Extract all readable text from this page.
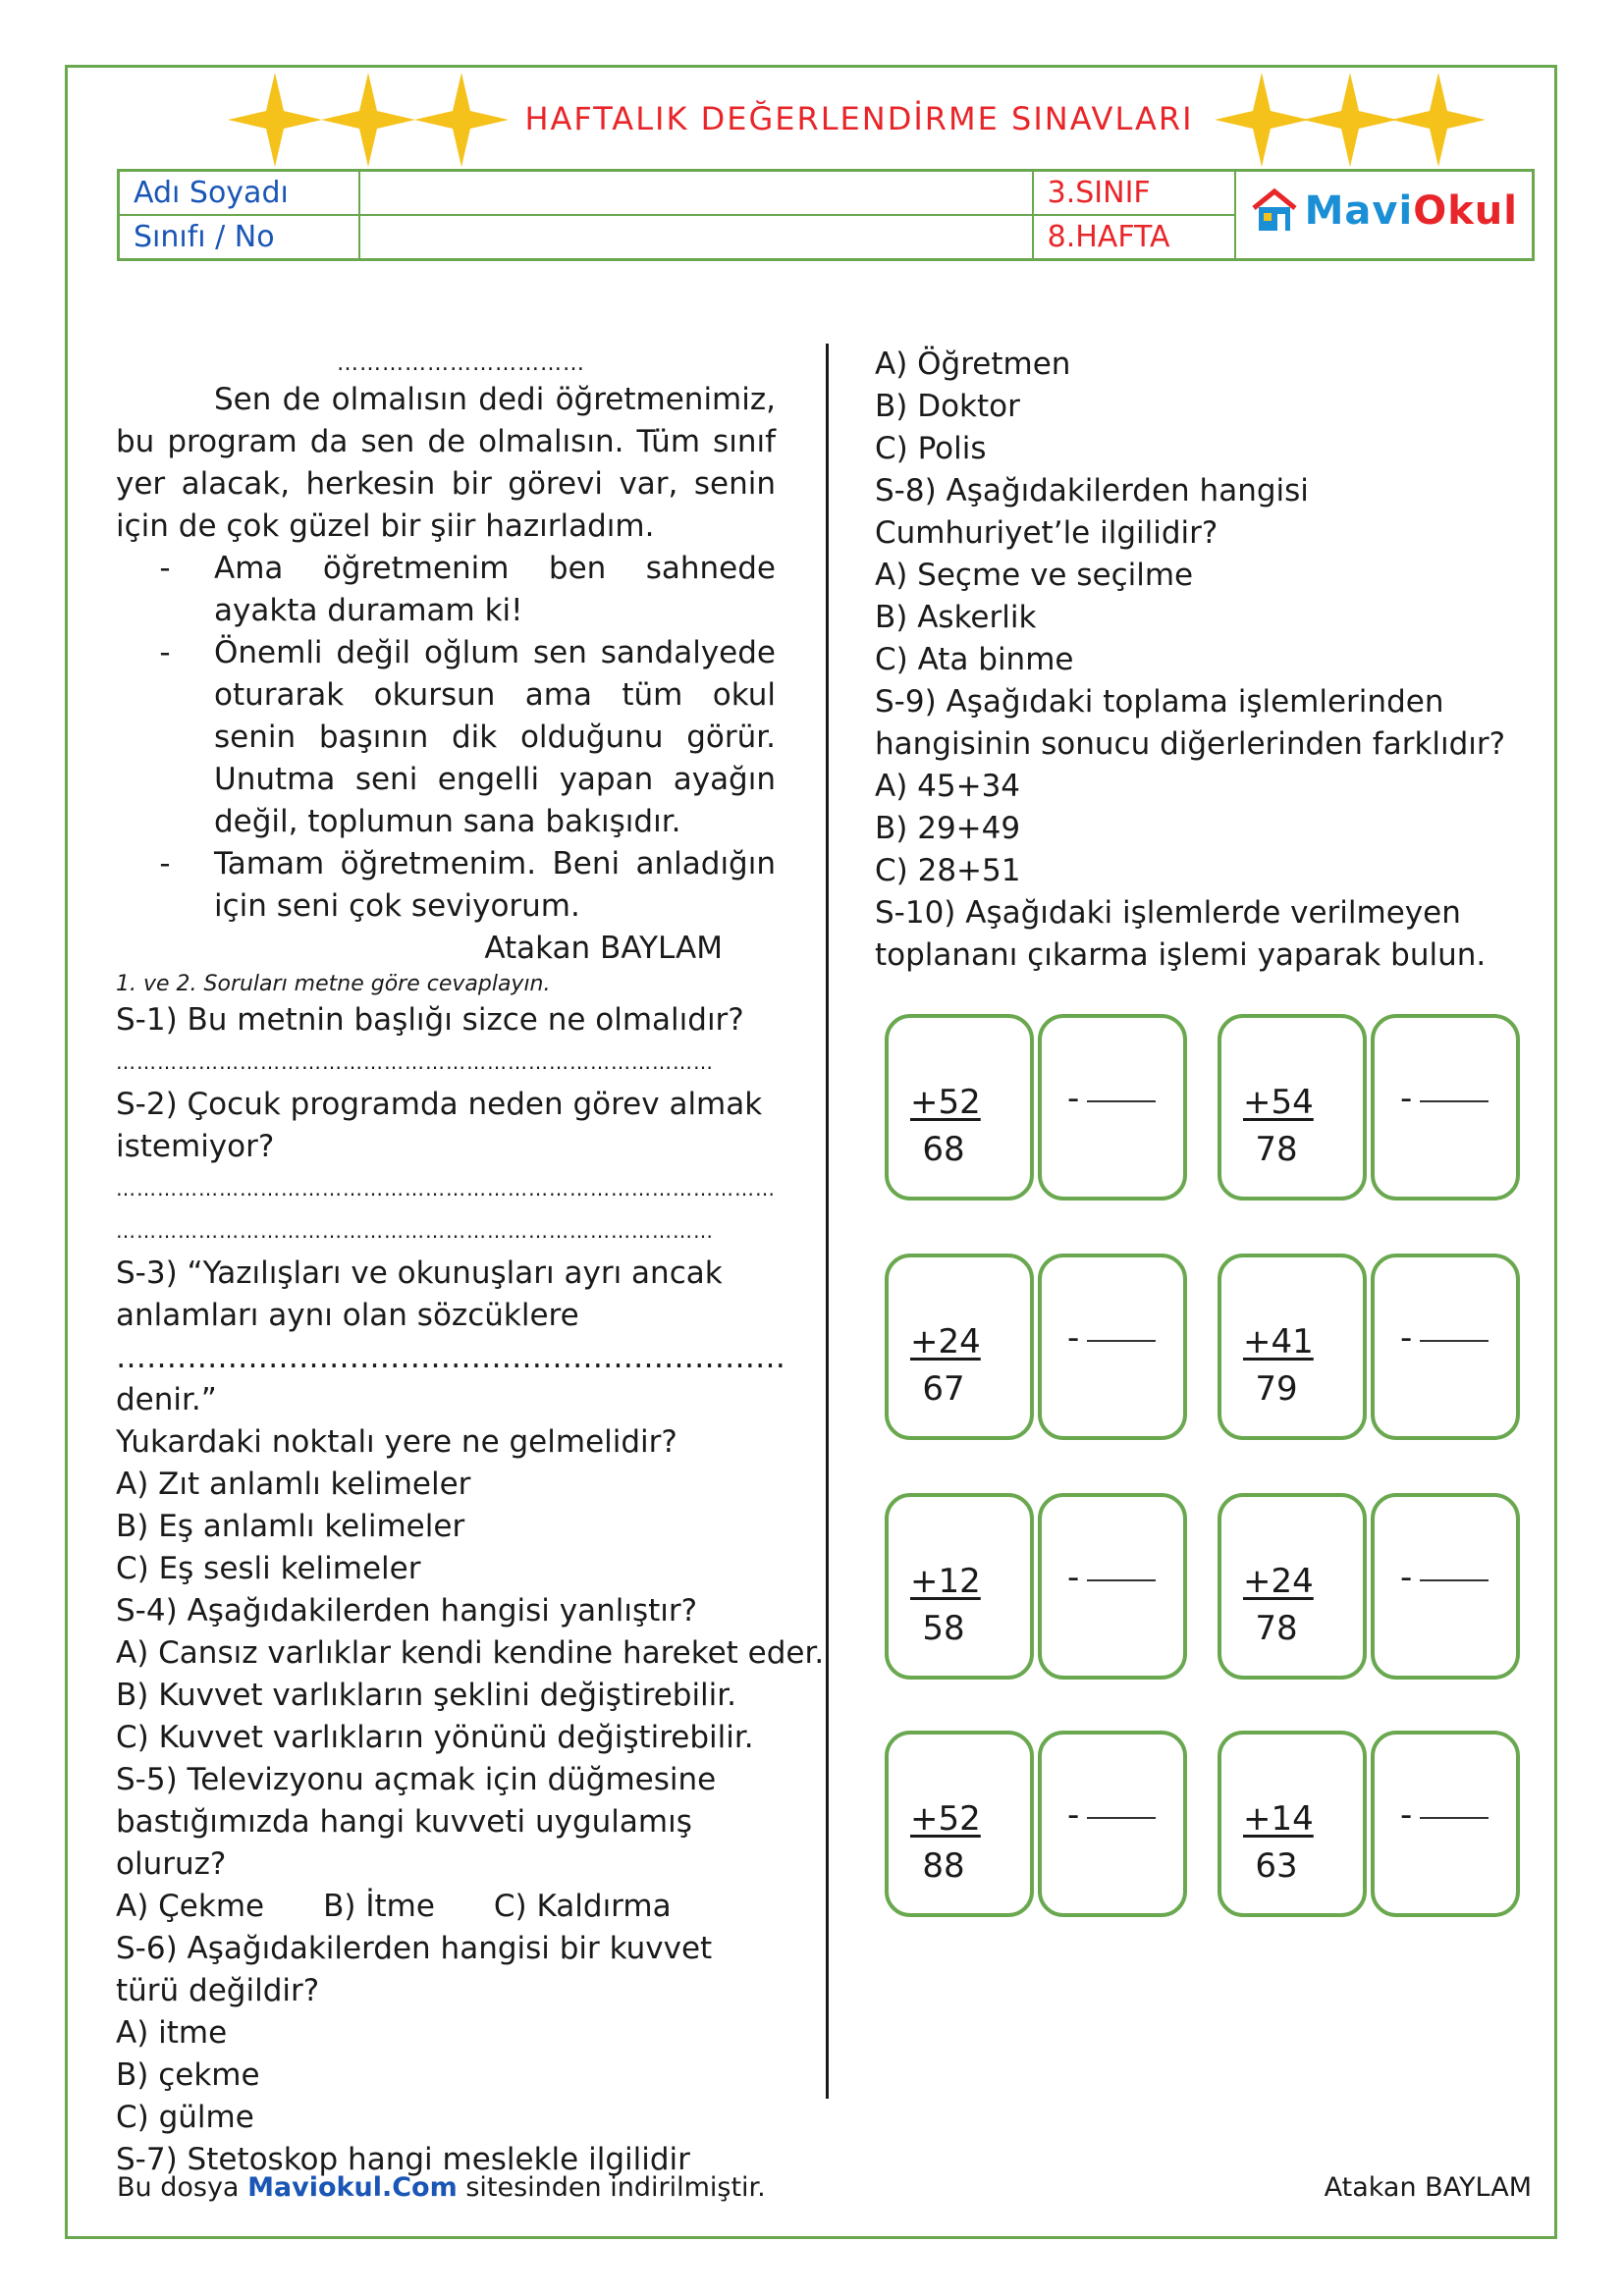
HAFTALIK DEĞERLENDİRME SINAVLARI
Adı Soyadı		3.SINIF	MaviOkul

Sınıfı / No		8.HAFTA	
……………………………
Sen de olmalısın dedi öğretmenimiz, bu program da sen de olmalısın. Tüm sınıf yer alacak, herkesin bir görevi var, senin için de çok güzel bir şiir hazırladım.
-	Ama öğretmenim ben sahnede ayakta duramam ki!
-	Önemli değil oğlum sen sandalyede oturarak okursun ama tüm okul senin başının dik olduğunu görür. Unutma seni engelli yapan ayağın değil, toplumun sana bakışıdır.
-	Tamam öğretmenim. Beni anladığın için seni çok seviyorum.
Atakan BAYLAM
1. ve 2. Soruları metne göre cevaplayın.
S-1) Bu metnin başlığı sizce ne olmalıdır?
……………………………………………………………………………
S-2) Çocuk programda neden görev almak istemiyor?
……………………………………………………………………………………
……………………………………………………………………………
S-3) “Yazılışları ve okunuşları ayrı ancak
anlamları aynı olan sözcüklere
………………………………………………………… denir.”
Yukardaki noktalı yere ne gelmelidir?
A) Zıt anlamlı kelimeler
B) Eş anlamlı kelimeler
C) Eş sesli kelimeler
S-4) Aşağıdakilerden hangisi yanlıştır?
A) Cansız varlıklar kendi kendine hareket eder.
B) Kuvvet varlıkların şeklini değiştirebilir.
C) Kuvvet varlıkların yönünü değiştirebilir.
S-5) Televizyonu açmak için düğmesine bastığımızda hangi kuvveti uygulamış oluruz?
A) Çekme B) İtme C) Kaldırma
S-6) Aşağıdakilerden hangisi bir kuvvet türü değildir?
A) itme
B) çekme
C) gülme
S-7) Stetoskop hangi meslekle ilgilidir
A) Öğretmen
B) Doktor
C) Polis
S-8) Aşağıdakilerden hangisi Cumhuriyet’le ilgilidir?
A) Seçme ve seçilme
B) Askerlik
C) Ata binme
S-9) Aşağıdaki toplama işlemlerinden hangisinin sonucu diğerlerinden farklıdır?
A) 45+34
B) 29+49
C) 28+51
S-10) Aşağıdaki işlemlerde verilmeyen toplananı çıkarma işlemi yaparak bulun.
+52
68
-	+54
78
-
+24
67
-	+41
79
-
+12
58
-	+24
78
-
+52
88
-	+14
63
-
Bu dosya Maviokul.Com sitesinden indirilmiştir.	Atakan BAYLAM
